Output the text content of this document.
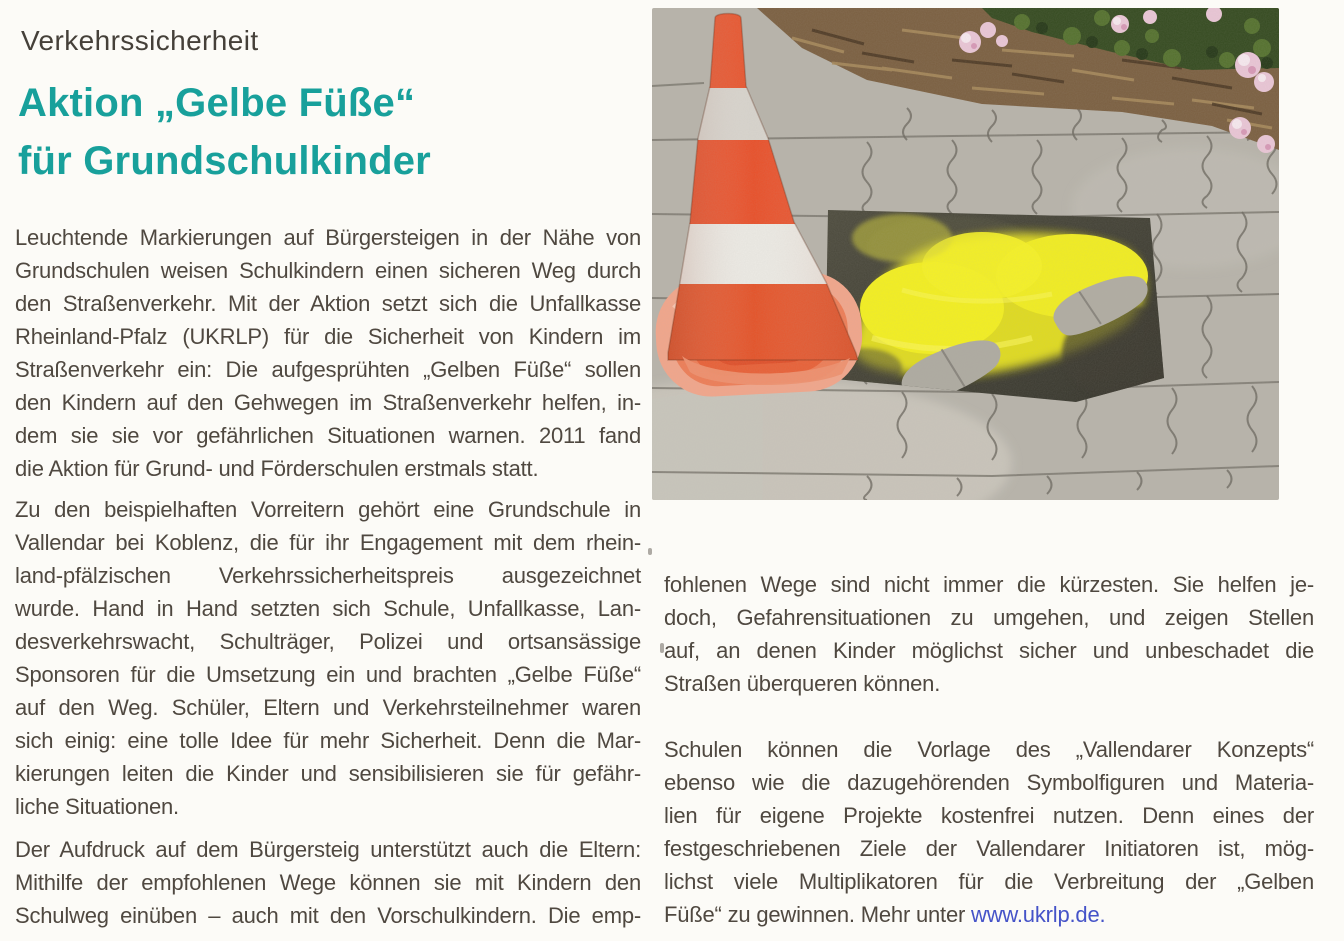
Verkehrssicherheit
Aktion „Gelbe Füße“
für Grundschulkinder
Leuchtende Markierungen auf Bürgersteigen in der Nähe von
Grundschulen weisen Schulkindern einen sicheren Weg durch
den Straßenverkehr. Mit der Aktion setzt sich die Unfallkasse
Rheinland-Pfalz (UKRLP) für die Sicherheit von Kindern im
Straßenverkehr ein: Die aufgesprühten „Gelben Füße“ sollen
den Kindern auf den Gehwegen im Straßenverkehr helfen, in-
dem sie sie vor gefährlichen Situationen warnen. 2011 fand
die Aktion für Grund- und Förderschulen erstmals statt.
Zu den beispielhaften Vorreitern gehört eine Grundschule in
Vallendar bei Koblenz, die für ihr Engagement mit dem rhein-
land-pfälzischen Verkehrssicherheitspreis ausgezeichnet
wurde. Hand in Hand setzten sich Schule, Unfallkasse, Lan-
desverkehrswacht, Schulträger, Polizei und ortsansässige
Sponsoren für die Umsetzung ein und brachten „Gelbe Füße“
auf den Weg. Schüler, Eltern und Verkehrsteilnehmer waren
sich einig: eine tolle Idee für mehr Sicherheit. Denn die Mar-
kierungen leiten die Kinder und sensibilisieren sie für gefähr-
liche Situationen.
Der Aufdruck auf dem Bürgersteig unterstützt auch die Eltern:
Mithilfe der empfohlenen Wege können sie mit Kindern den
Schulweg einüben – auch mit den Vorschulkindern. Die emp-
fohlenen Wege sind nicht immer die kürzesten. Sie helfen je-
doch, Gefahrensituationen zu umgehen, und zeigen Stellen
auf, an denen Kinder möglichst sicher und unbeschadet die
Straßen überqueren können.
Schulen können die Vorlage des „Vallendarer Konzepts“
ebenso wie die dazugehörenden Symbolfiguren und Materia-
lien für eigene Projekte kostenfrei nutzen. Denn eines der
festgeschriebenen Ziele der Vallendarer Initiatoren ist, mög-
lichst viele Multiplikatoren für die Verbreitung der „Gelben
Füße“ zu gewinnen. Mehr unter www.ukrlp.de.
